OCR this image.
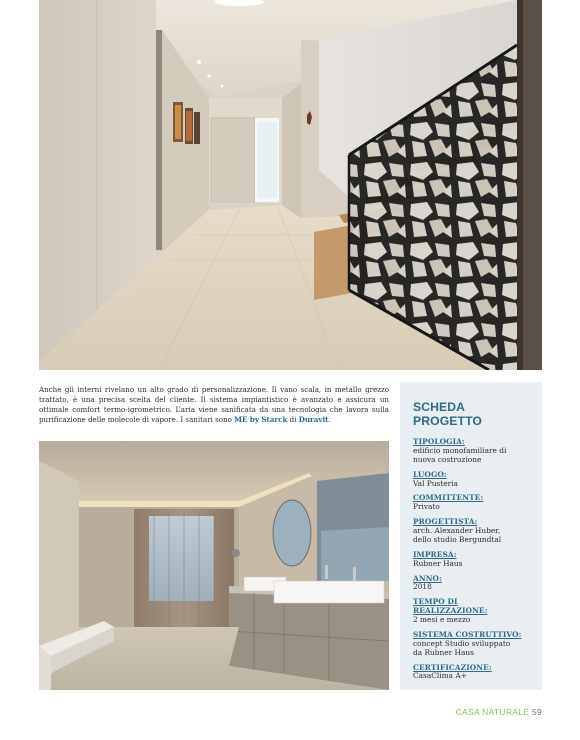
Anche gli interni rivelano un alto grado di personalizzazione. Il vano scala, in metallo grezzo trattato, è una precisa scelta del cliente. Il sistema impiantistico è avanzato e assicura un ottimale comfort termo-igrometrico. L’aria viene sanificata da una tecnologia che lavora sulla purificazione delle molecole di vapore. I sanitari sono ME by Starck di Duravit.

SCHEDA PROGETTO
TIPOLOGIA:
edificio monofamiliare di
nuova costruzione
LUOGO:
Val Pusteria
COMMITTENTE:
Privato
PROGETTISTA:
arch. Alexander Huber,
dello studio Bergundtal
IMPRESA:
Rubner Haus
ANNO:
2018
TEMPO DI REALIZZAZIONE:
2 mesi e mezzo
SISTEMA COSTRUTTIVO:
concept Studio sviluppato
da Rubner Haus
CERTIFICAZIONE:
CasaClima A+
CASA NATURALE 59
